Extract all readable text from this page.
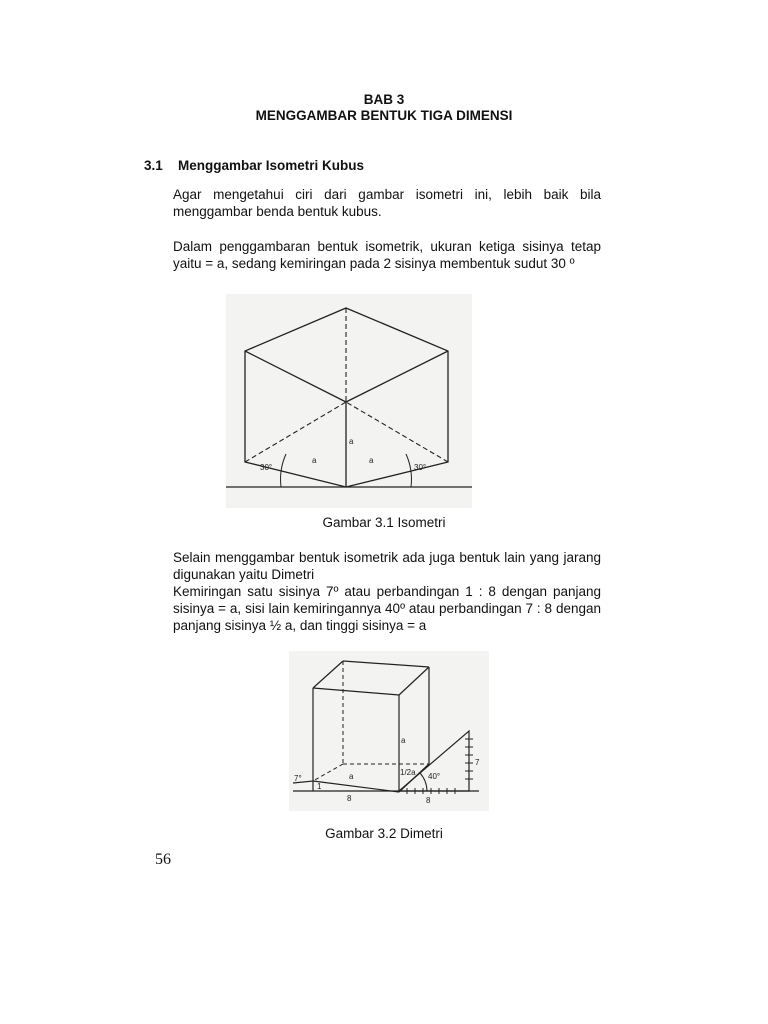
BAB 3
MENGGAMBAR BENTUK TIGA DIMENSI
3.1 Menggambar Isometri Kubus
Agar mengetahui ciri dari gambar isometri ini, lebih baik bila menggambar benda bentuk kubus.
Dalam penggambaran bentuk isometrik, ukuran ketiga sisinya tetap yaitu = a, sedang kemiringan pada 2 sisinya membentuk sudut 30 º
30°	30°
a	a
a
Gambar 3.1 Isometri
Selain menggambar bentuk isometrik ada juga bentuk lain yang jarang digunakan yaitu Dimetri
Kemiringan satu sisinya 7º atau perbandingan 1 : 8 dengan panjang sisinya = a, sisi lain kemiringannya 40º atau perbandingan 7 : 8 dengan panjang sisinya ½ a, dan tinggi sisinya = a
a
a	1/2a 40°
7°
1
7
8	8
Gambar 3.2 Dimetri
56
